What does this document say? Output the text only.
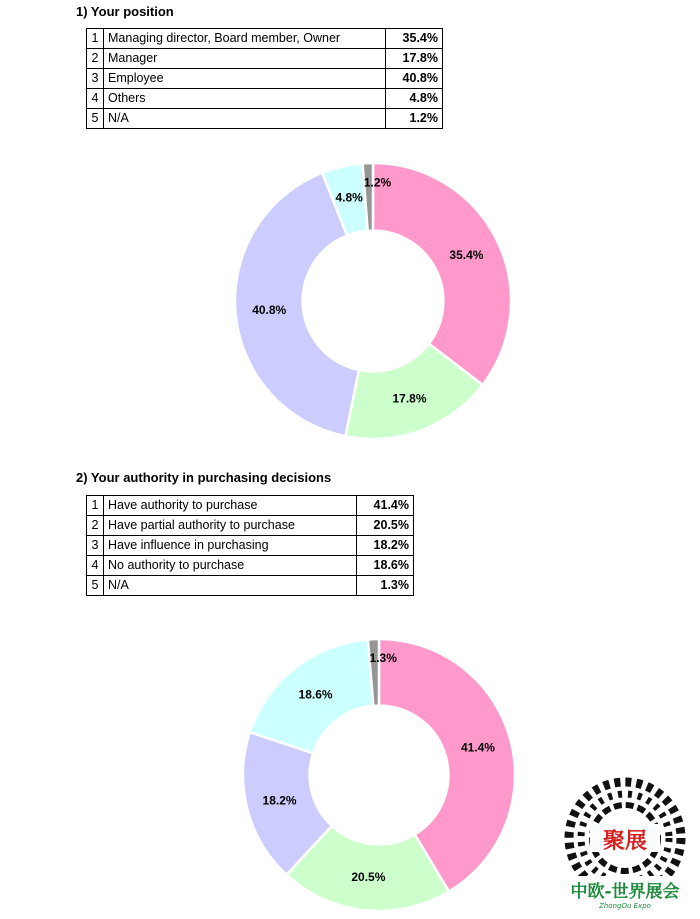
1) Your position
1	Managing director, Board member, Owner	35.4%
2	Manager	17.8%
3	Employee	40.8%
4	Others	4.8%
5	N/A	1.2%
35.4%
17.8%
40.8%
4.8%
1.2%
2) Your authority in purchasing decisions
1	Have authority to purchase	41.4%
2	Have partial authority to purchase	20.5%
3	Have influence in purchasing	18.2%
4	No authority to purchase	18.6%
5	N/A	1.3%
41.4%
20.5%
18.2%
18.6%
1.3%
聚展
中欧-世界展会
ZhongOu Expo
